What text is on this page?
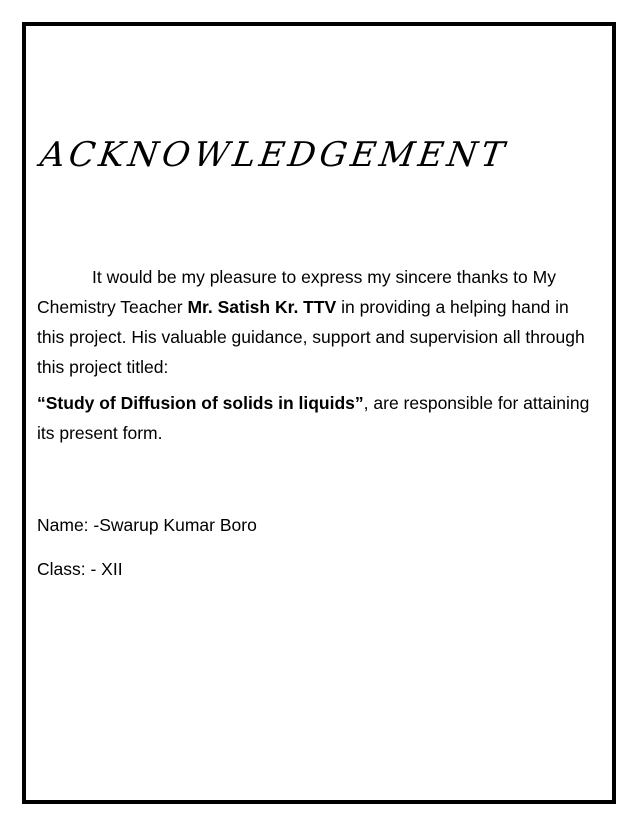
ACKNOWLEDGEMENT

It would be my pleasure to express my sincere thanks to My Chemistry Teacher Mr. Satish Kr. TTV in providing a helping hand in this project. His valuable guidance, support and supervision all through this project titled:

“Study of Diffusion of solids in liquids”, are responsible for attaining its present form.

Name: -Swarup Kumar Boro

Class: - XII
